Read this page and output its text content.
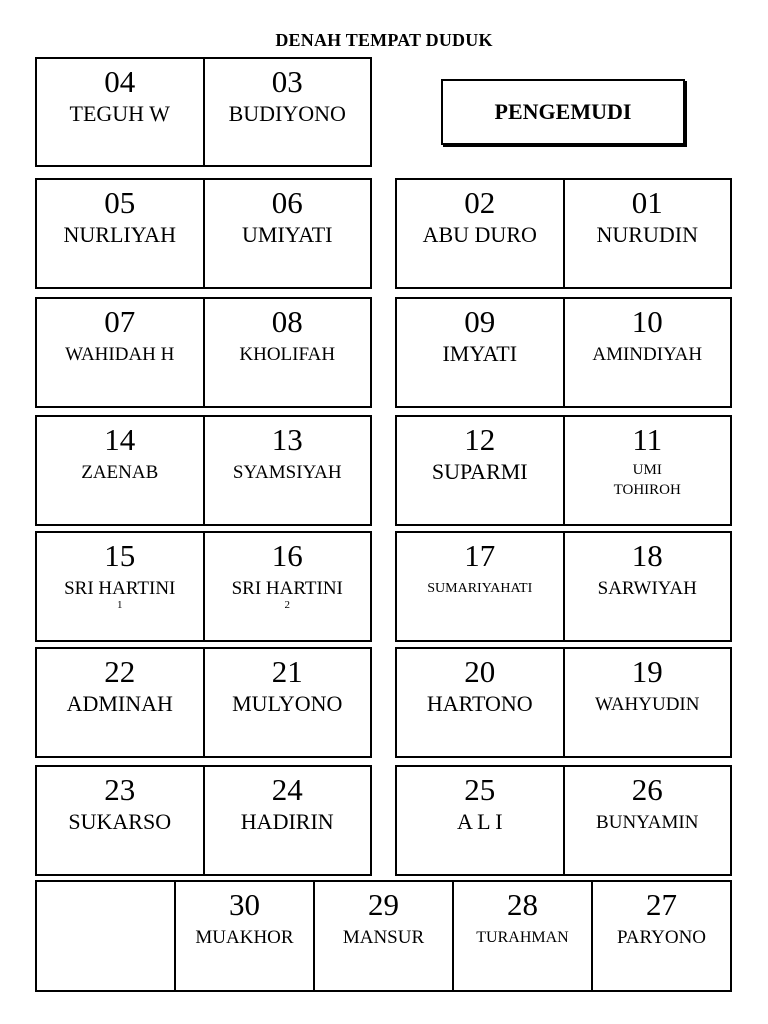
DENAH TEMPAT DUDUK
04
TEGUH W
03
BUDIYONO	PENGEMUDI
05
NURLIYAH
06
UMIYATI
02
ABU DURO
01
NURUDIN
07
WAHIDAH H
08
KHOLIFAH
09
IMYATI
10
AMINDIYAH
14
ZAENAB
13
SYAMSIYAH
12
SUPARMI
11
UMI
TOHIROH
15
SRI HARTINI
1
16
SRI HARTINI
2
17
SUMARIYAHATI
18
SARWIYAH
22
ADMINAH
21
MULYONO
20
HARTONO
19
WAHYUDIN
23
SUKARSO
24
HADIRIN
25
A L I
26
BUNYAMIN
30
MUAKHOR
29
MANSUR
28
TURAHMAN
27
PARYONO
